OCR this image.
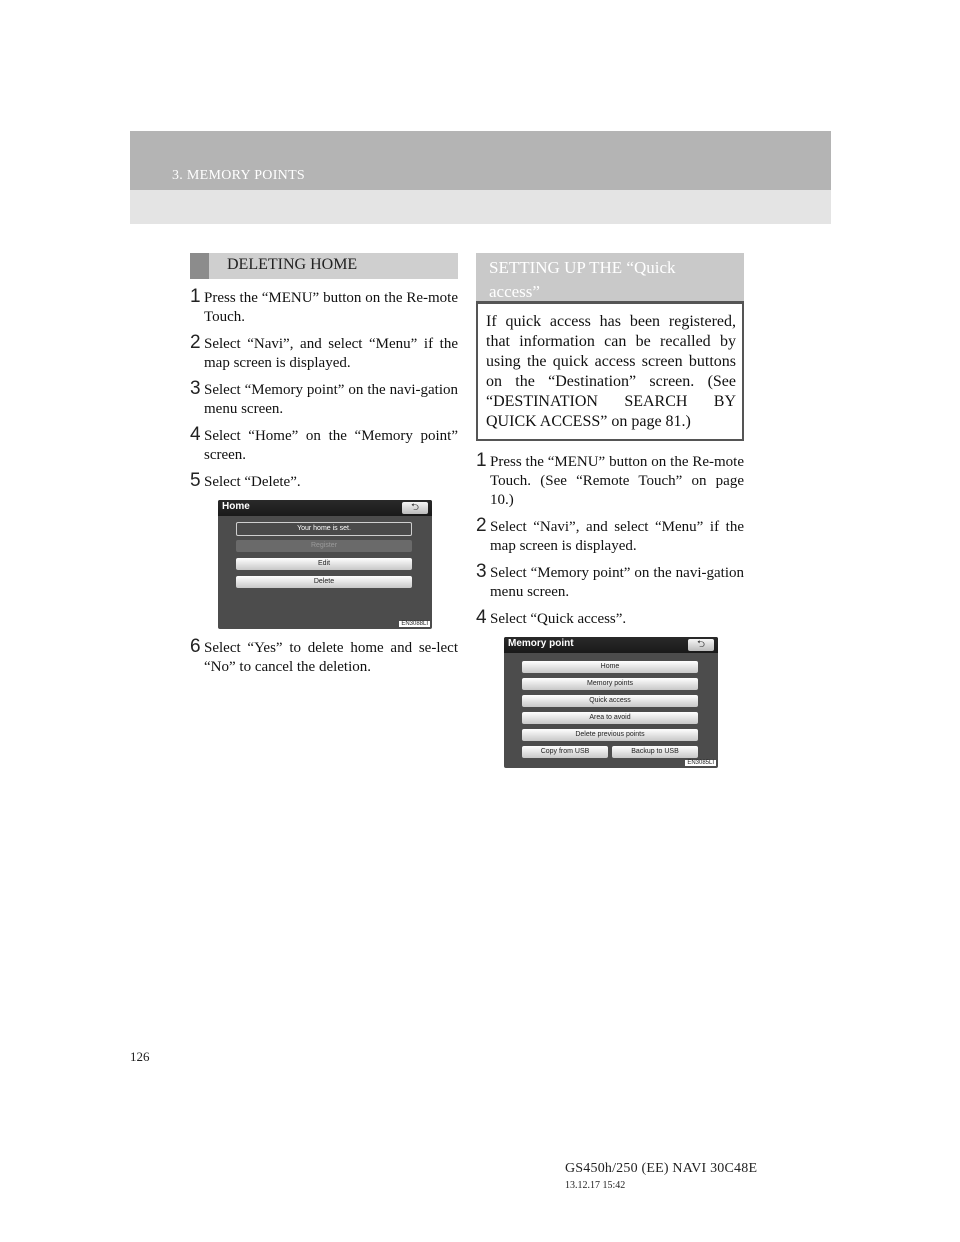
3. MEMORY POINTS
DELETING HOME
1 Press the “MENU” button on the Re-mote Touch.
2 Select “Navi”, and select “Menu” if the map screen is displayed.
3 Select “Memory point” on the navi-gation menu screen.
4 Select “Home” on the “Memory point” screen.
5 Select “Delete”.
Home	⮌
Your home is set.
Register
Edit
Delete
EN3088LI
6 Select “Yes” to delete home and se-lect “No” to cancel the deletion.
SETTING UP THE “Quick access”
If quick access has been registered, that information can be recalled by using the quick access screen buttons on the “Destination” screen. (See “DESTINATION SEARCH BY QUICK ACCESS” on page 81.)
1 Press the “MENU” button on the Re-mote Touch. (See “Remote Touch” on page 10.)
2 Select “Navi”, and select “Menu” if the map screen is displayed.
3 Select “Memory point” on the navi-gation menu screen.
4 Select “Quick access”.
Memory point	⮌
Home
Memory points
Quick access
Area to avoid
Delete previous points
Copy from USB	Backup to USB
EN3085LI
126
GS450h/250 (EE) NAVI 30C48E
13.12.17 15:42
